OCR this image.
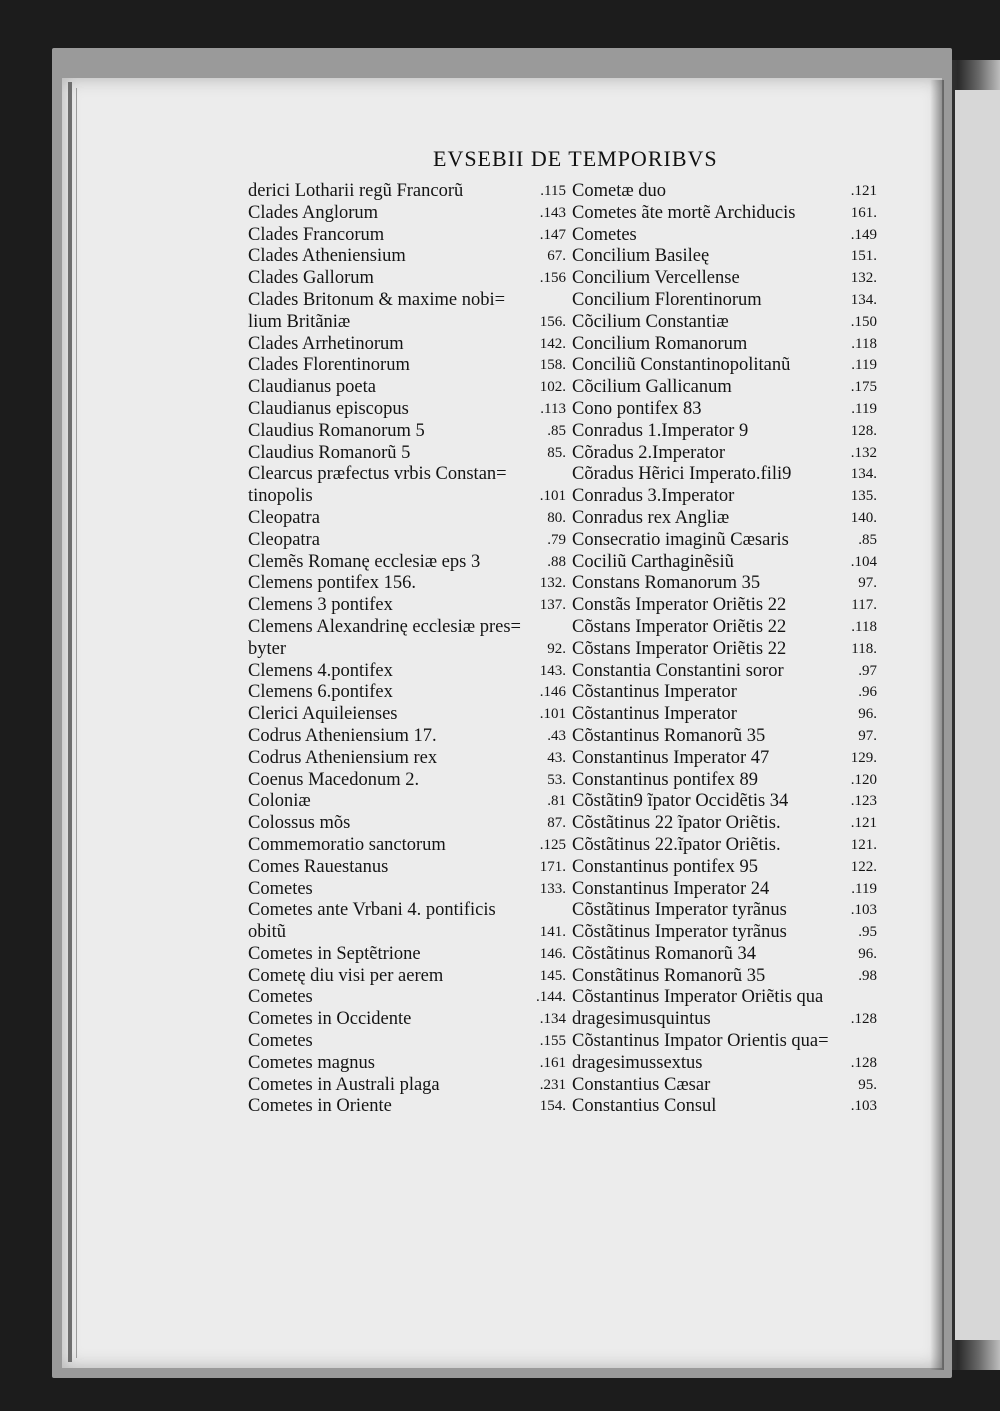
EVSEBII DE TEMPORIBVS
derici Lotharii regũ Francorũ	.115
Clades Anglorum	.143
Clades Francorum	.147
Clades Atheniensium	67.
Clades Gallorum	.156
Clades Britonum & maxime nobi=
lium Britãniæ	156.
Clades Arrhetinorum	142.
Clades Florentinorum	158.
Claudianus poeta	102.
Claudianus episcopus	.113
Claudius Romanorum 5	.85
Claudius Romanorũ 5	85.
Clearcus præfectus vrbis Constan=
tinopolis	.101
Cleopatra	80.
Cleopatra	.79
Clemẽs Romanę ecclesiæ eps 3	.88
Clemens pontifex 156.	132.
Clemens 3 pontifex	137.
Clemens Alexandrinę ecclesiæ pres=
byter	92.
Clemens 4.pontifex	143.
Clemens 6.pontifex	.146
Clerici Aquileienses	.101
Codrus Atheniensium 17.	.43
Codrus Atheniensium rex	43.
Coenus Macedonum 2.	53.
Coloniæ	.81
Colossus mõs	87.
Commemoratio sanctorum	.125
Comes Rauestanus	171.
Cometes	133.
Cometes ante Vrbani 4. pontificis
obitũ	141.
Cometes in Septẽtrione	146.
Cometę diu visi per aerem	145.
Cometes	.144.
Cometes in Occidente	.134
Cometes	.155
Cometes magnus	.161
Cometes in Australi plaga	.231
Cometes in Oriente	154.
Cometæ duo	.121
Cometes ãte mortẽ Archiducis	161.
Cometes	.149
Concilium Basileę	151.
Concilium Vercellense	132.
Concilium Florentinorum	134.
Cõcilium Constantiæ	.150
Concilium Romanorum	.118
Conciliũ Constantinopolitanũ	.119
Cõcilium Gallicanum	.175
Cono pontifex 83	.119
Conradus 1.Imperator 9	128.
Cõradus 2.Imperator	.132
Cõradus Hẽrici Imperato.fili9	134.
Conradus 3.Imperator	135.
Conradus rex Angliæ	140.
Consecratio imaginũ Cæsaris	.85
Cociliũ Carthaginẽsiũ	.104
Constans Romanorum 35	97.
Constãs Imperator Oriẽtis 22	117.
Cõstans Imperator Oriẽtis 22	.118
Cõstans Imperator Oriẽtis 22	118.
Constantia Constantini soror	.97
Cõstantinus Imperator	.96
Cõstantinus Imperator	96.
Cõstantinus Romanorũ 35	97.
Constantinus Imperator 47	129.
Constantinus pontifex 89	.120
Cõstãtin9 ĩpator Occidẽtis 34	.123
Cõstãtinus 22 ĩpator Oriẽtis.	.121
Cõstãtinus 22.ĩpator Oriẽtis.	121.
Constantinus pontifex 95	122.
Constantinus Imperator 24	.119
Cõstãtinus Imperator tyrãnus	.103
Cõstãtinus Imperator tyrãnus	.95
Cõstãtinus Romanorũ 34	96.
Constãtinus Romanorũ 35	.98
Cõstantinus Imperator Oriẽtis qua
dragesimusquintus	.128
Cõstantinus Impator Orientis qua=
dragesimussextus	.128
Constantius Cæsar	95.
Constantius Consul	.103
